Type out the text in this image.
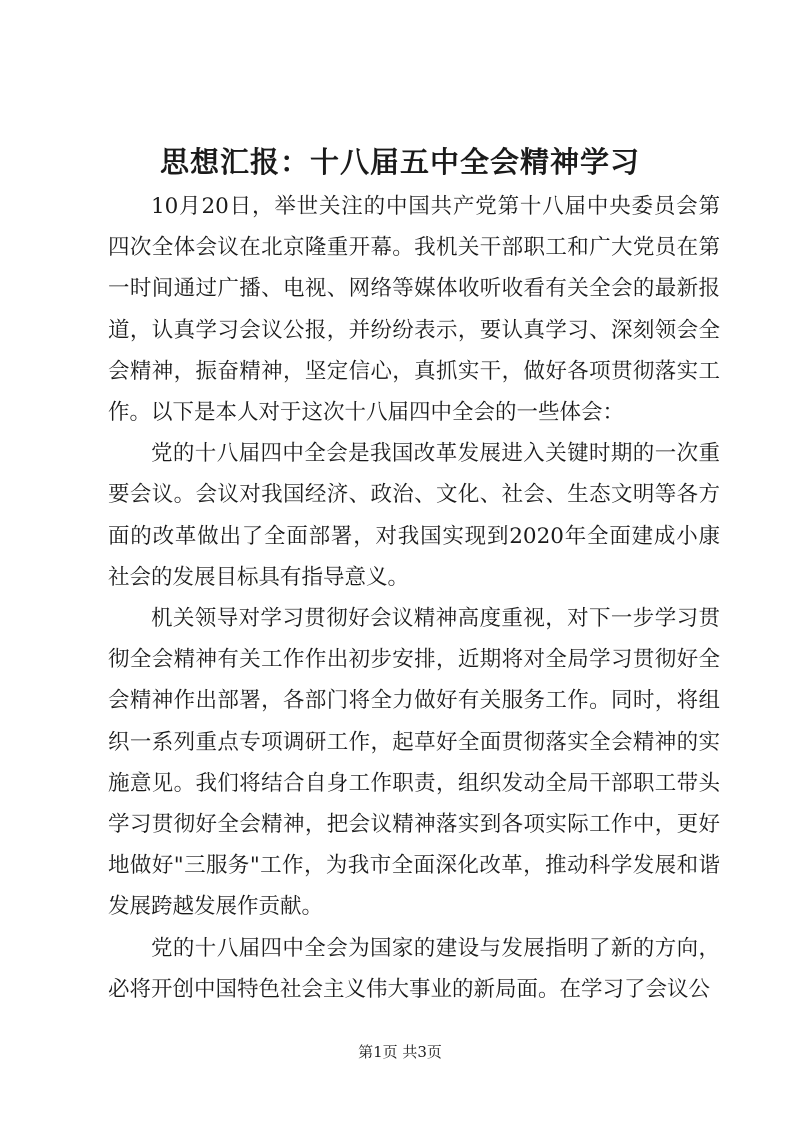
思想汇报：十八届五中全会精神学习

10月20日，举世关注的中国共产党第十八届中央委员会第四次全体会议在北京隆重开幕。我机关干部职工和广大党员在第一时间通过广播、电视、网络等媒体收听收看有关全会的最新报道，认真学习会议公报，并纷纷表示，要认真学习、深刻领会全会精神，振奋精神，坚定信心，真抓实干，做好各项贯彻落实工作。以下是本人对于这次十八届四中全会的一些体会：

党的十八届四中全会是我国改革发展进入关键时期的一次重要会议。会议对我国经济、政治、文化、社会、生态文明等各方面的改革做出了全面部署，对我国实现到2020年全面建成小康社会的发展目标具有指导意义。

机关领导对学习贯彻好会议精神高度重视，对下一步学习贯彻全会精神有关工作作出初步安排，近期将对全局学习贯彻好全会精神作出部署，各部门将全力做好有关服务工作。同时，将组织一系列重点专项调研工作，起草好全面贯彻落实全会精神的实施意见。我们将结合自身工作职责，组织发动全局干部职工带头学习贯彻好全会精神，把会议精神落实到各项实际工作中，更好地做好"三服务"工作，为我市全面深化改革，推动科学发展和谐发展跨越发展作贡献。

党的十八届四中全会为国家的建设与发展指明了新的方向，必将开创中国特色社会主义伟大事业的新局面。在学习了会议公

第1页 共3页
